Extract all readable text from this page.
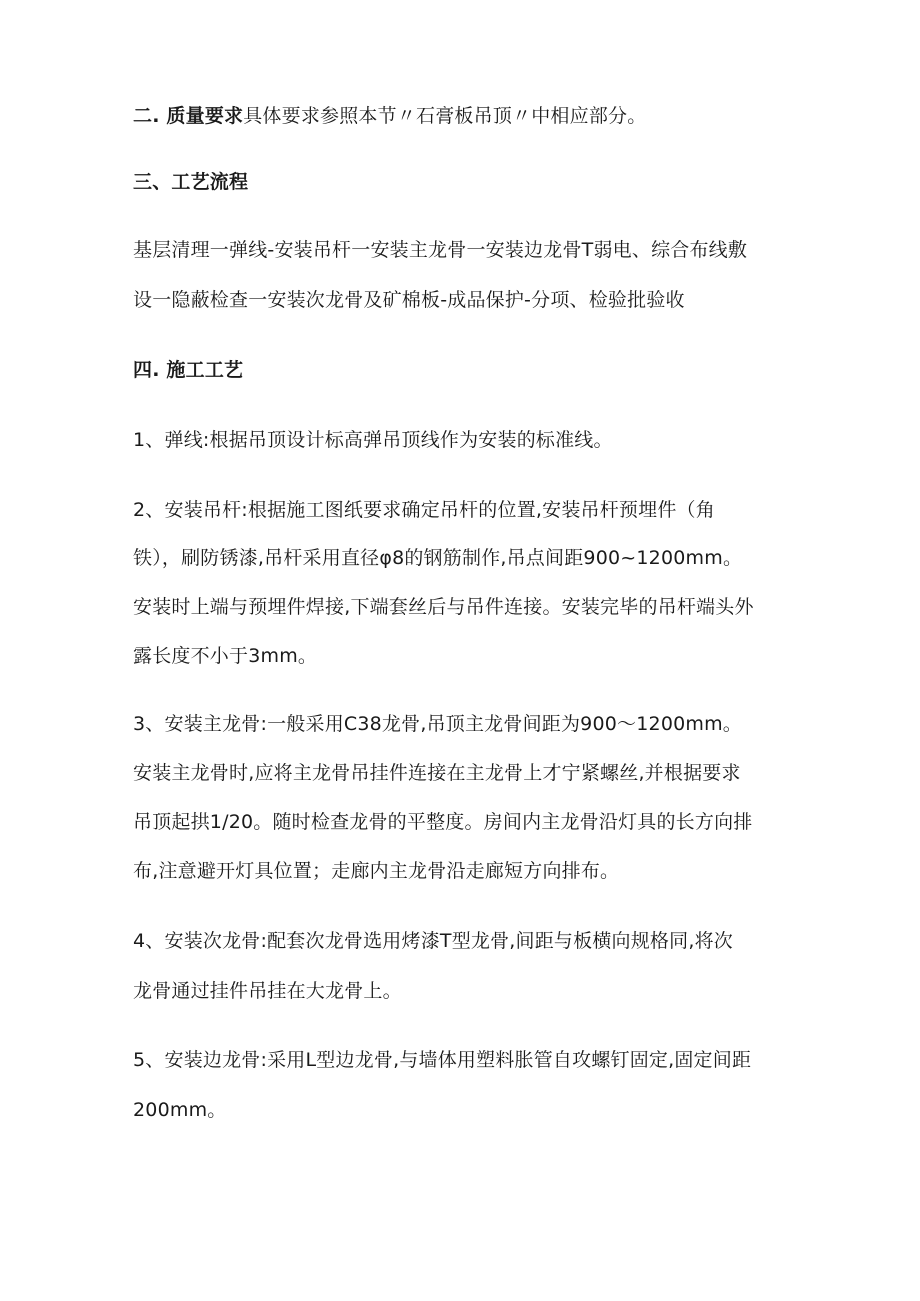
二. 质量要求具体要求参照本节〃石膏板吊顶〃中相应部分。
三、工艺流程
基层清理一弹线-安装吊杆一安装主龙骨一安装边龙骨T弱电、综合布线敷
设一隐蔽检查一安装次龙骨及矿棉板-成品保护-分项、检验批验收
四. 施工工艺
1、弹线:根据吊顶设计标高弹吊顶线作为安装的标准线。
2、安装吊杆:根据施工图纸要求确定吊杆的位置,安装吊杆预埋件（角
铁），刷防锈漆,吊杆采用直径φ8的钢筋制作,吊点间距900~1200mm。
安装时上端与预埋件焊接,下端套丝后与吊件连接。安装完毕的吊杆端头外
露长度不小于3mm。
3、安装主龙骨:一般采用C38龙骨,吊顶主龙骨间距为900～1200mm。
安装主龙骨时,应将主龙骨吊挂件连接在主龙骨上才宁紧螺丝,并根据要求
吊顶起拱1/20。随时检查龙骨的平整度。房间内主龙骨沿灯具的长方向排
布,注意避开灯具位置；走廊内主龙骨沿走廊短方向排布。
4、安装次龙骨:配套次龙骨选用烤漆T型龙骨,间距与板横向规格同,将次
龙骨通过挂件吊挂在大龙骨上。
5、安装边龙骨:采用L型边龙骨,与墙体用塑料胀管自攻螺钉固定,固定间距
200mm。
